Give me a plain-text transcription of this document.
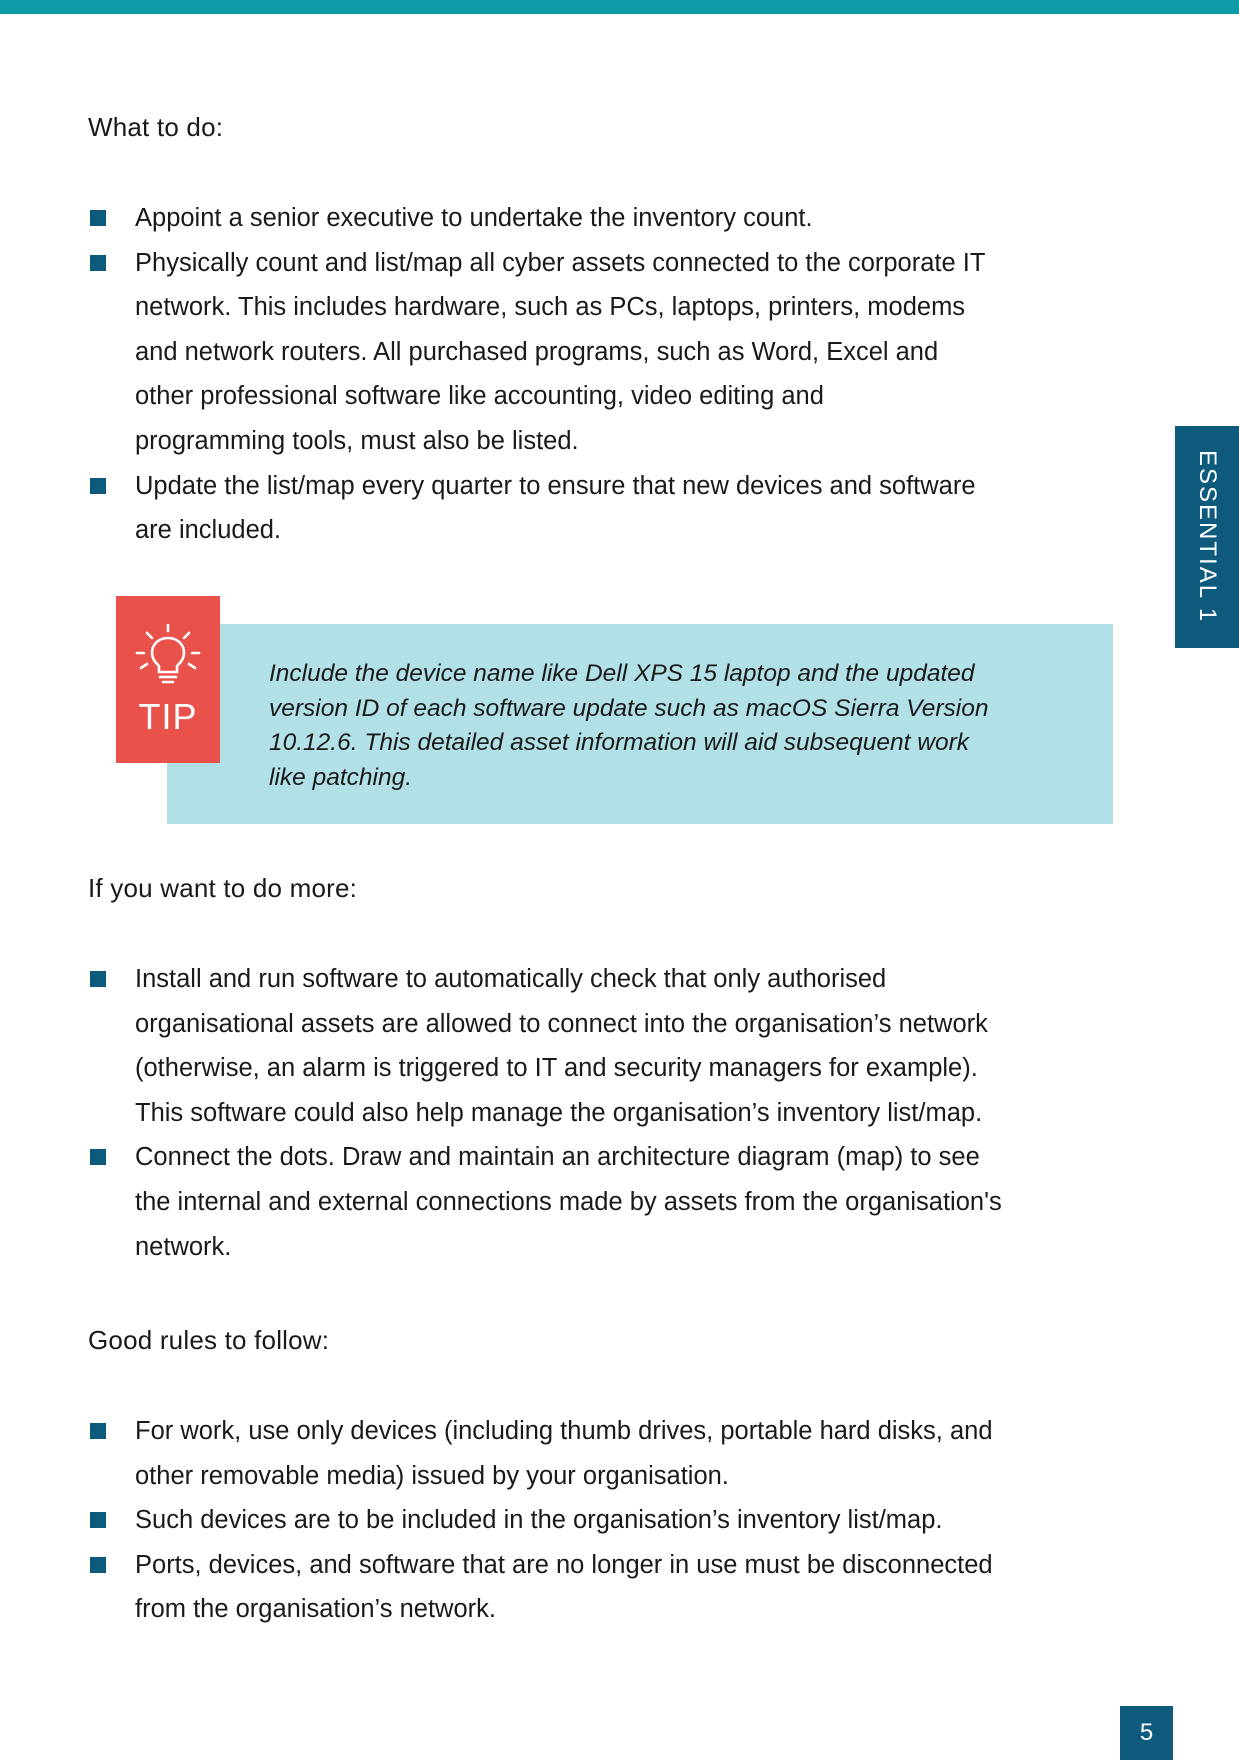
What to do:
Appoint a senior executive to undertake the inventory count.
Physically count and list/map all cyber assets connected to the corporate IT
network. This includes hardware, such as PCs, laptops, printers, modems
and network routers. All purchased programs, such as Word, Excel and
other professional software like accounting, video editing and
programming tools, must also be listed.
Update the list/map every quarter to ensure that new devices and software
are included.

Include the device name like Dell XPS 15 laptop and the updated
version ID of each software update such as macOS Sierra Version
10.12.6. This detailed asset information will aid subsequent work
like patching.

TIP
If you want to do more:
Install and run software to automatically check that only authorised
organisational assets are allowed to connect into the organisation’s network
(otherwise, an alarm is triggered to IT and security managers for example).
This software could also help manage the organisation’s inventory list/map.
Connect the dots. Draw and maintain an architecture diagram (map) to see
the internal and external connections made by assets from the organisation's
network.
Good rules to follow:
For work, use only devices (including thumb drives, portable hard disks, and
other removable media) issued by your organisation.
Such devices are to be included in the organisation’s inventory list/map.
Ports, devices, and software that are no longer in use must be disconnected
from the organisation’s network.
ESSENTIAL 1
5
